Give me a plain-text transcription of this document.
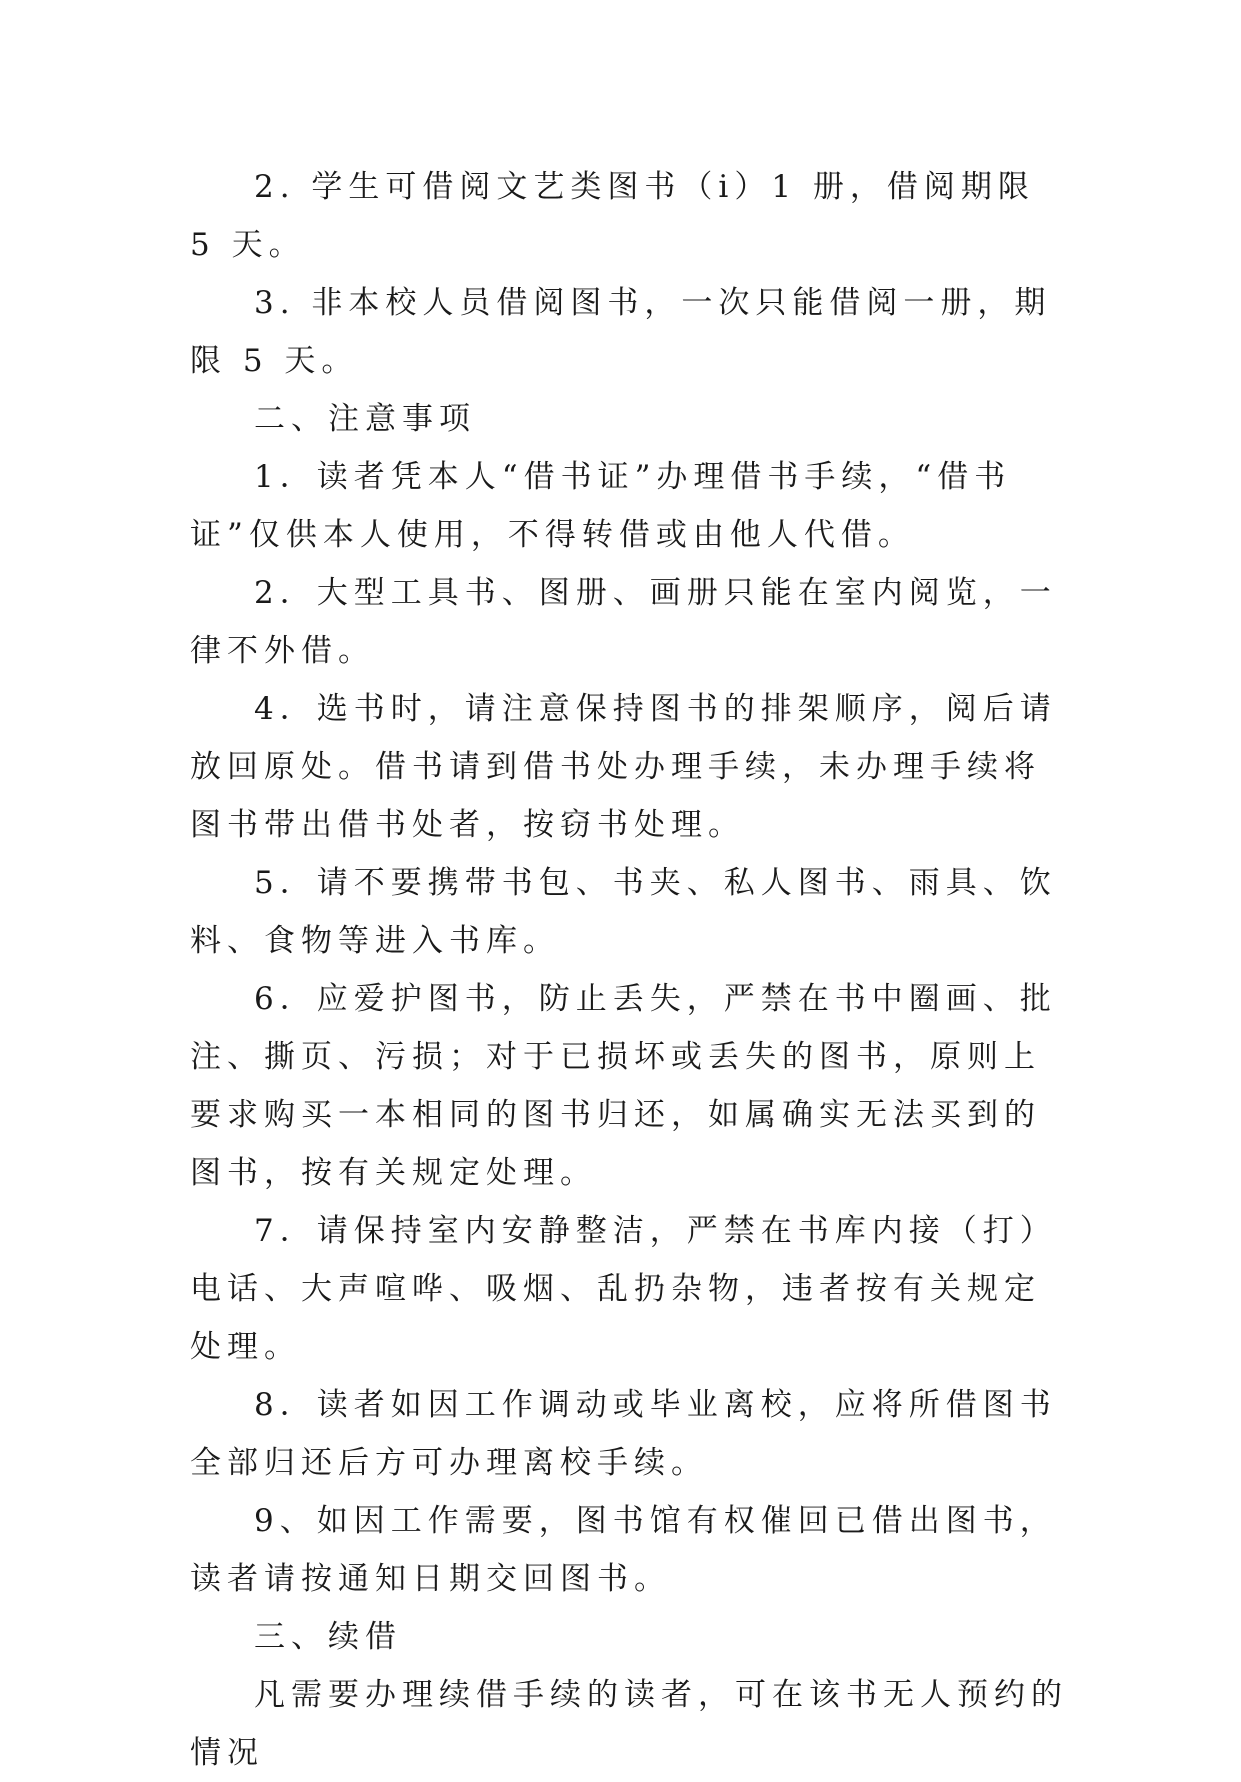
2. 学生可借阅文艺类图书（i）1 册，借阅期限 5 天。

3. 非本校人员借阅图书，一次只能借阅一册，期限 5 天。

二、注意事项

1．读者凭本人“借书证”办理借书手续，“借书证”仅供本人使用，不得转借或由他人代借。

2．大型工具书、图册、画册只能在室内阅览，一律不外借。

4．选书时，请注意保持图书的排架顺序，阅后请放回原处。借书请到借书处办理手续，未办理手续将图书带出借书处者，按窃书处理。

5．请不要携带书包、书夹、私人图书、雨具、饮料、食物等进入书库。

6．应爱护图书，防止丢失，严禁在书中圈画、批注、撕页、污损；对于已损坏或丢失的图书，原则上要求购买一本相同的图书归还，如属确实无法买到的图书，按有关规定处理。

7．请保持室内安静整洁，严禁在书库内接（打）电话、大声喧哗、吸烟、乱扔杂物，违者按有关规定处理。

8．读者如因工作调动或毕业离校，应将所借图书全部归还后方可办理离校手续。

9、如因工作需要，图书馆有权催回已借出图书，读者请按通知日期交回图书。

三、续借

凡需要办理续借手续的读者，可在该书无人预约的情况
